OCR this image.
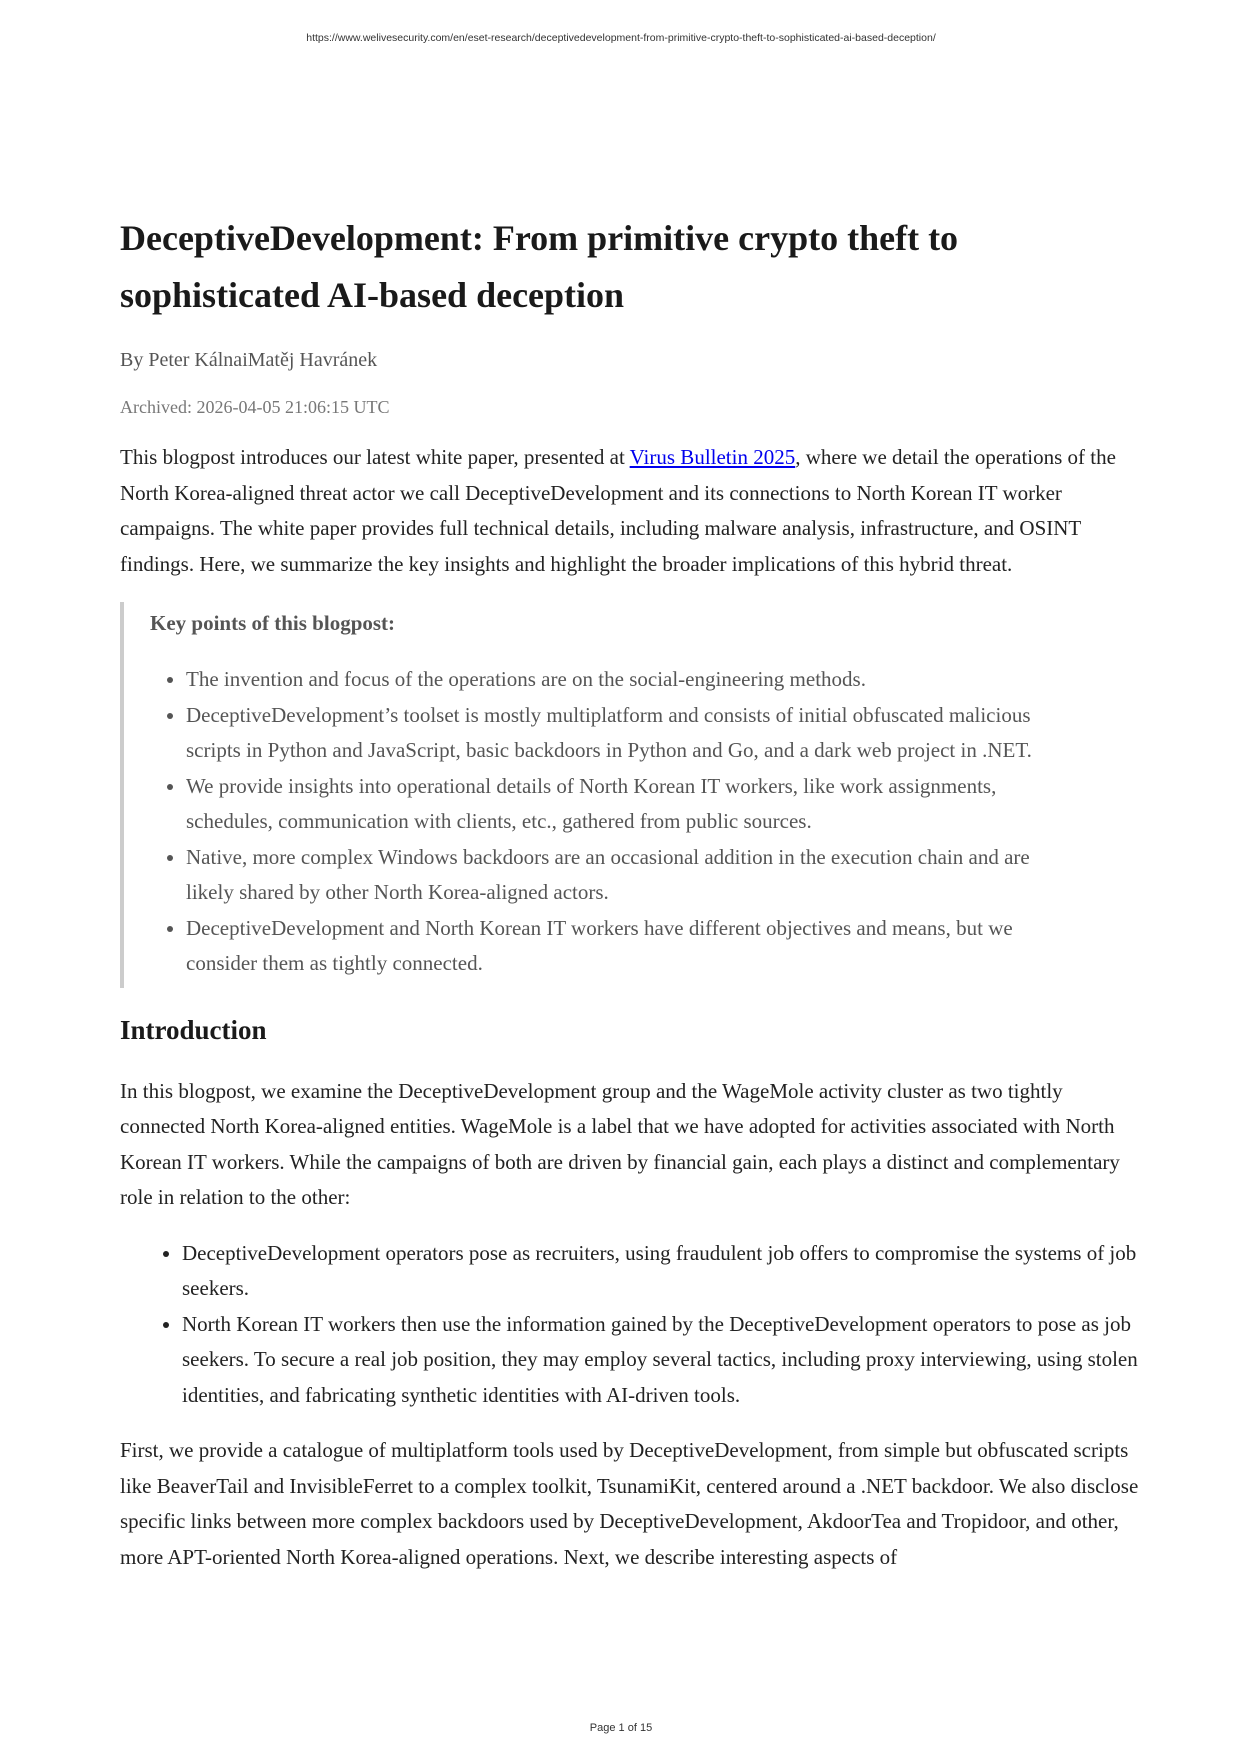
https://www.welivesecurity.com/en/eset-research/deceptivedevelopment-from-primitive-crypto-theft-to-sophisticated-ai-based-deception/
DeceptiveDevelopment: From primitive crypto theft to sophisticated AI-based deception
By Peter KálnaiMatěj Havránek
Archived: 2026-04-05 21:06:15 UTC

This blogpost introduces our latest white paper, presented at Virus Bulletin 2025, where we detail the operations of the North Korea-aligned threat actor we call DeceptiveDevelopment and its connections to North Korean IT worker campaigns. The white paper provides full technical details, including malware analysis, infrastructure, and OSINT findings. Here, we summarize the key insights and highlight the broader implications of this hybrid threat.

Key points of this blogpost:
• The invention and focus of the operations are on the social-engineering methods.
• DeceptiveDevelopment’s toolset is mostly multiplatform and consists of initial obfuscated malicious scripts in Python and JavaScript, basic backdoors in Python and Go, and a dark web project in .NET.
• We provide insights into operational details of North Korean IT workers, like work assignments, schedules, communication with clients, etc., gathered from public sources.
• Native, more complex Windows backdoors are an occasional addition in the execution chain and are likely shared by other North Korea-aligned actors.
• DeceptiveDevelopment and North Korean IT workers have different objectives and means, but we consider them as tightly connected.
Introduction

In this blogpost, we examine the DeceptiveDevelopment group and the WageMole activity cluster as two tightly connected North Korea-aligned entities. WageMole is a label that we have adopted for activities associated with North Korean IT workers. While the campaigns of both are driven by financial gain, each plays a distinct and complementary role in relation to the other:

• DeceptiveDevelopment operators pose as recruiters, using fraudulent job offers to compromise the systems of job seekers.
• North Korean IT workers then use the information gained by the DeceptiveDevelopment operators to pose as job seekers. To secure a real job position, they may employ several tactics, including proxy interviewing, using stolen identities, and fabricating synthetic identities with AI-driven tools.

First, we provide a catalogue of multiplatform tools used by DeceptiveDevelopment, from simple but obfuscated scripts like BeaverTail and InvisibleFerret to a complex toolkit, TsunamiKit, centered around a .NET backdoor. We also disclose specific links between more complex backdoors used by DeceptiveDevelopment, AkdoorTea and Tropidoor, and other, more APT-oriented North Korea-aligned operations. Next, we describe interesting aspects of

Page 1 of 15
